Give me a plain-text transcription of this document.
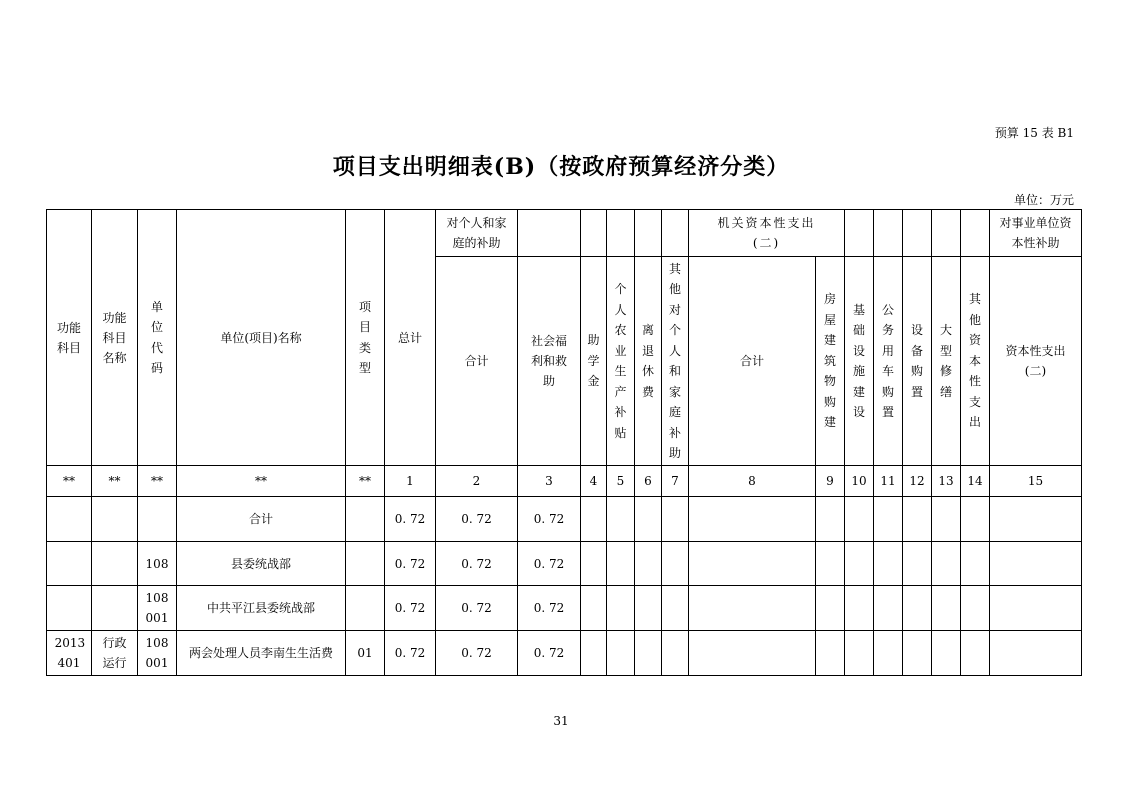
预算 15 表 B1
项目支出明细表(B)（按政府预算经济分类）
单位：万元
功能科目	功能科目名称	单位代码	单位(项目)名称	项目类型	总计	对个人和家庭的补助						机关资本性支出(二)							对事业单位资本性补助
						合计	社会福利和救助	助学金	个人农业生产补贴	离退休费	其他对个人和家庭补助	合计	房屋建筑物购建	基础设施建设	公务用车购置	设备购置	大型修缮	其他资本性支出	资本性支出(二)
**	**	**	**	**	1	2	3	4	5	6	7	8	9	10	11	12	13	14	15
			合计		0. 72	0. 72	0. 72												
		108	县委统战部		0. 72	0. 72	0. 72												
		108 001	中共平江县委统战部		0. 72	0. 72	0. 72												
2013 401	行政运行	108 001	两会处理人员李南生生活费	01	0. 72	0. 72	0. 72												
31
